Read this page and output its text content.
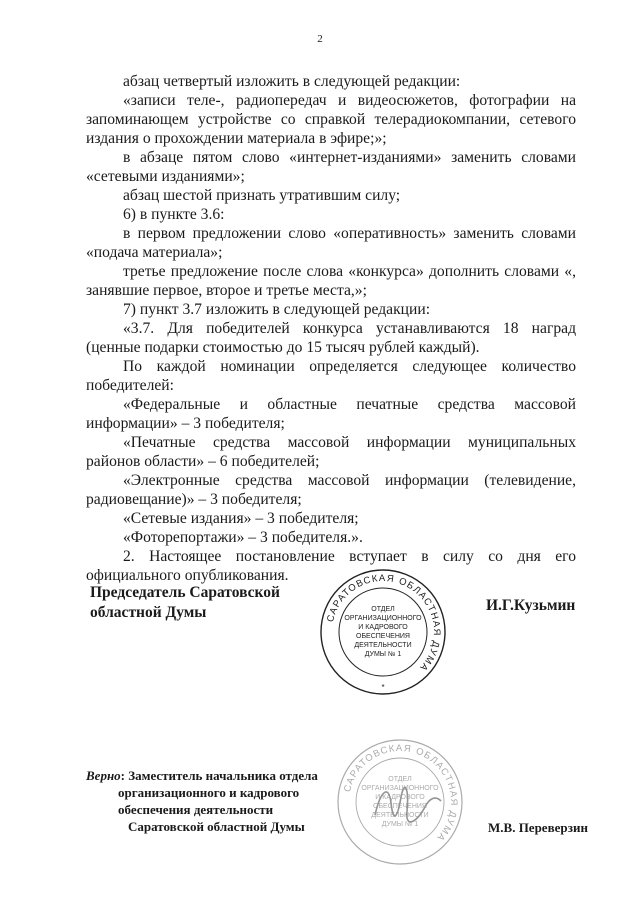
2

абзац четвертый изложить в следующей редакции:

«записи теле-, радиопередач и видеосюжетов, фотографии на запоминающем устройстве со справкой телерадиокомпании, сетевого издания о прохождении материала в эфире;»;

в абзаце пятом слово «интернет-изданиями» заменить словами «сетевыми изданиями»;

абзац шестой признать утратившим силу;

6) в пункте 3.6:

в первом предложении слово «оперативность» заменить словами «подача материала»;

третье предложение после слова «конкурса» дополнить словами «, занявшие первое, второе и третье места,»;

7) пункт 3.7 изложить в следующей редакции:

«3.7. Для победителей конкурса устанавливаются 18 наград (ценные подарки стоимостью до 15 тысяч рублей каждый).

По каждой номинации определяется следующее количество победителей:

«Федеральные и областные печатные средства массовой информации» – 3 победителя;

«Печатные средства массовой информации муниципальных районов области» – 6 победителей;

«Электронные средства массовой информации (телевидение, радиовещание)» – 3 победителя;

«Сетевые издания» – 3 победителя;

«Фоторепортажи» – 3 победителя.».

2. Настоящее постановление вступает в силу со дня его официального опубликования.

Председатель Саратовской
областной Думы	И.Г.Кузьмин
САРАТОВСКАЯ ОБЛАСТНАЯ ДУМА
ОТДЕЛ
ОРГАНИЗАЦИОННОГО
И КАДРОВОГО
ОБЕСПЕЧЕНИЯ
ДЕЯТЕЛЬНОСТИ
ДУМЫ № 1
*
Верно: Заместитель начальника отдела
организационного и кадрового
обеспечения деятельности
Саратовской областной Думы
САРАТОВСКАЯ ОБЛАСТНАЯ ДУМА
ОТДЕЛ
ОРГАНИЗАЦИОННОГО
И КАДРОВОГО
ОБЕСПЕЧЕНИЯ
ДЕЯТЕЛЬНОСТИ
ДУМЫ № 1	М.В. Переверзин
